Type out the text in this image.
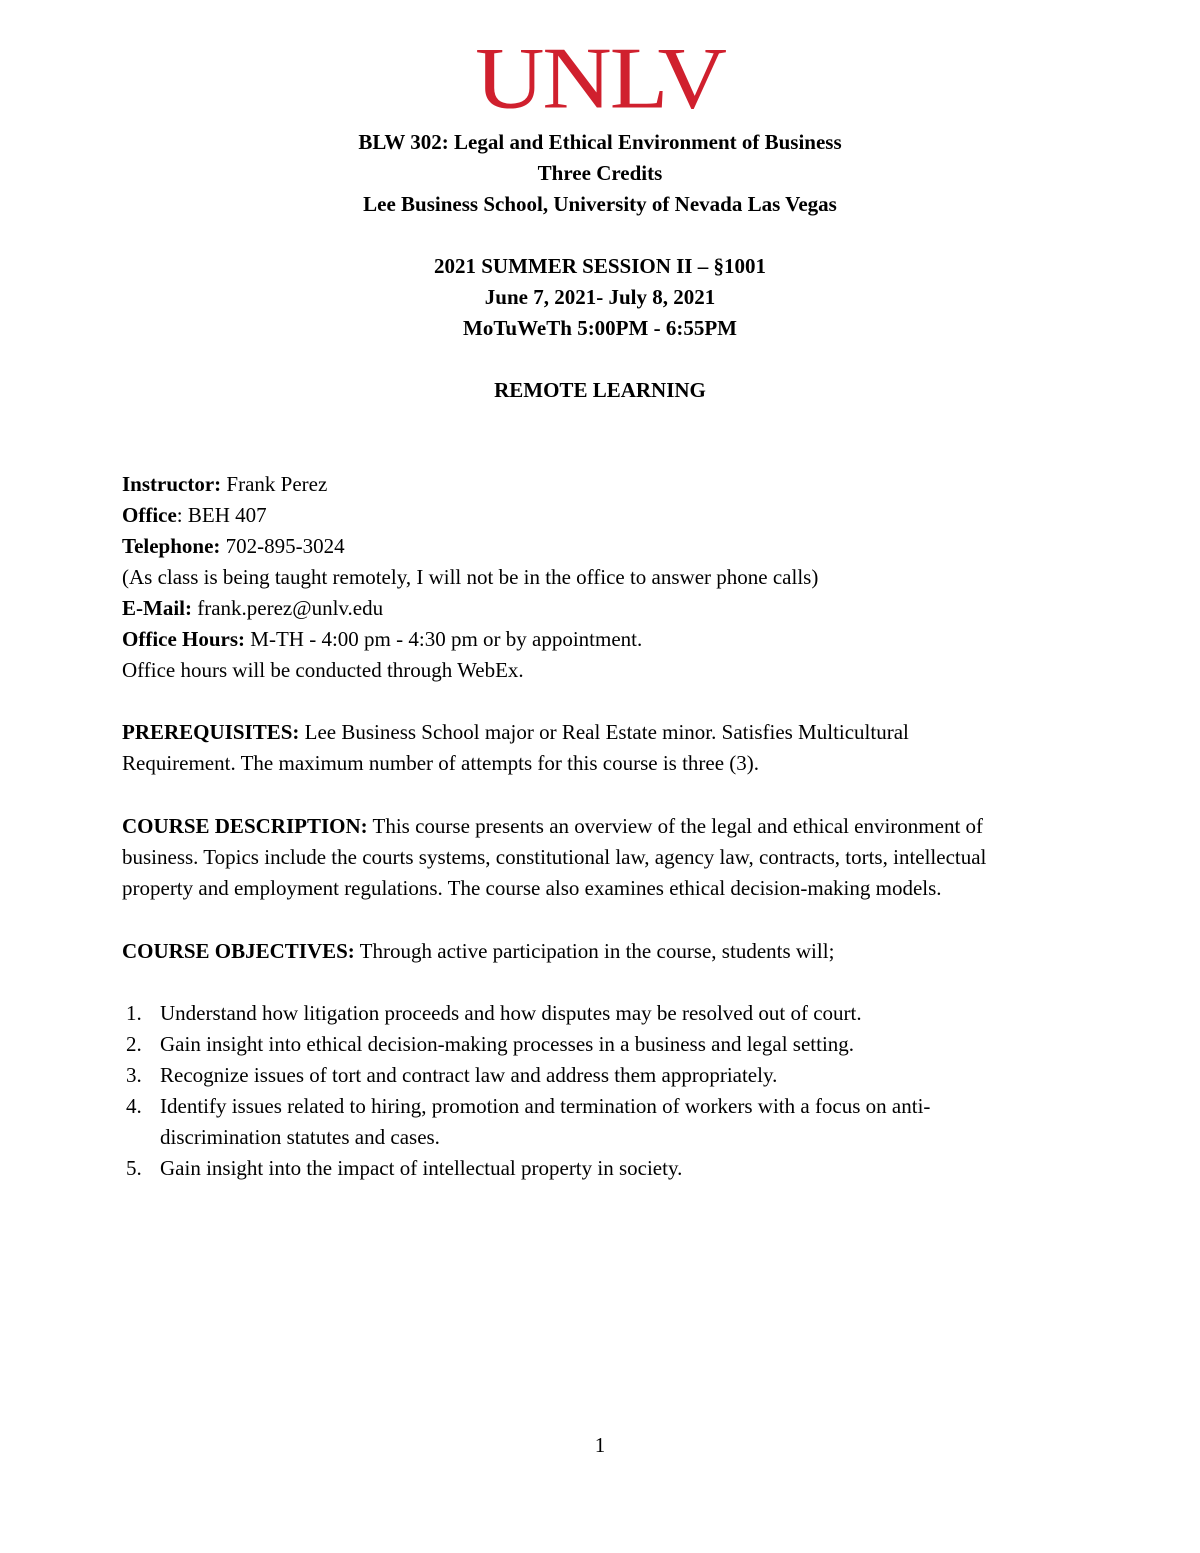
UNLV
BLW 302: Legal and Ethical Environment of Business
Three Credits
Lee Business School, University of Nevada Las Vegas
2021 SUMMER SESSION II – §1001
June 7, 2021- July 8, 2021
MoTuWeTh 5:00PM - 6:55PM
REMOTE LEARNING
Instructor: Frank Perez
Office: BEH 407
Telephone: 702-895-3024
(As class is being taught remotely, I will not be in the office to answer phone calls)
E-Mail: frank.perez@unlv.edu
Office Hours: M-TH - 4:00 pm - 4:30 pm or by appointment.
Office hours will be conducted through WebEx.
PREREQUISITES: Lee Business School major or Real Estate minor. Satisfies Multicultural
Requirement. The maximum number of attempts for this course is three (3).
COURSE DESCRIPTION: This course presents an overview of the legal and ethical environment of
business. Topics include the courts systems, constitutional law, agency law, contracts, torts, intellectual
property and employment regulations. The course also examines ethical decision-making models.
COURSE OBJECTIVES: Through active participation in the course, students will;
1. Understand how litigation proceeds and how disputes may be resolved out of court.
2. Gain insight into ethical decision-making processes in a business and legal setting.
3. Recognize issues of tort and contract law and address them appropriately.
4. Identify issues related to hiring, promotion and termination of workers with a focus on anti-
discrimination statutes and cases.
5. Gain insight into the impact of intellectual property in society.
1
